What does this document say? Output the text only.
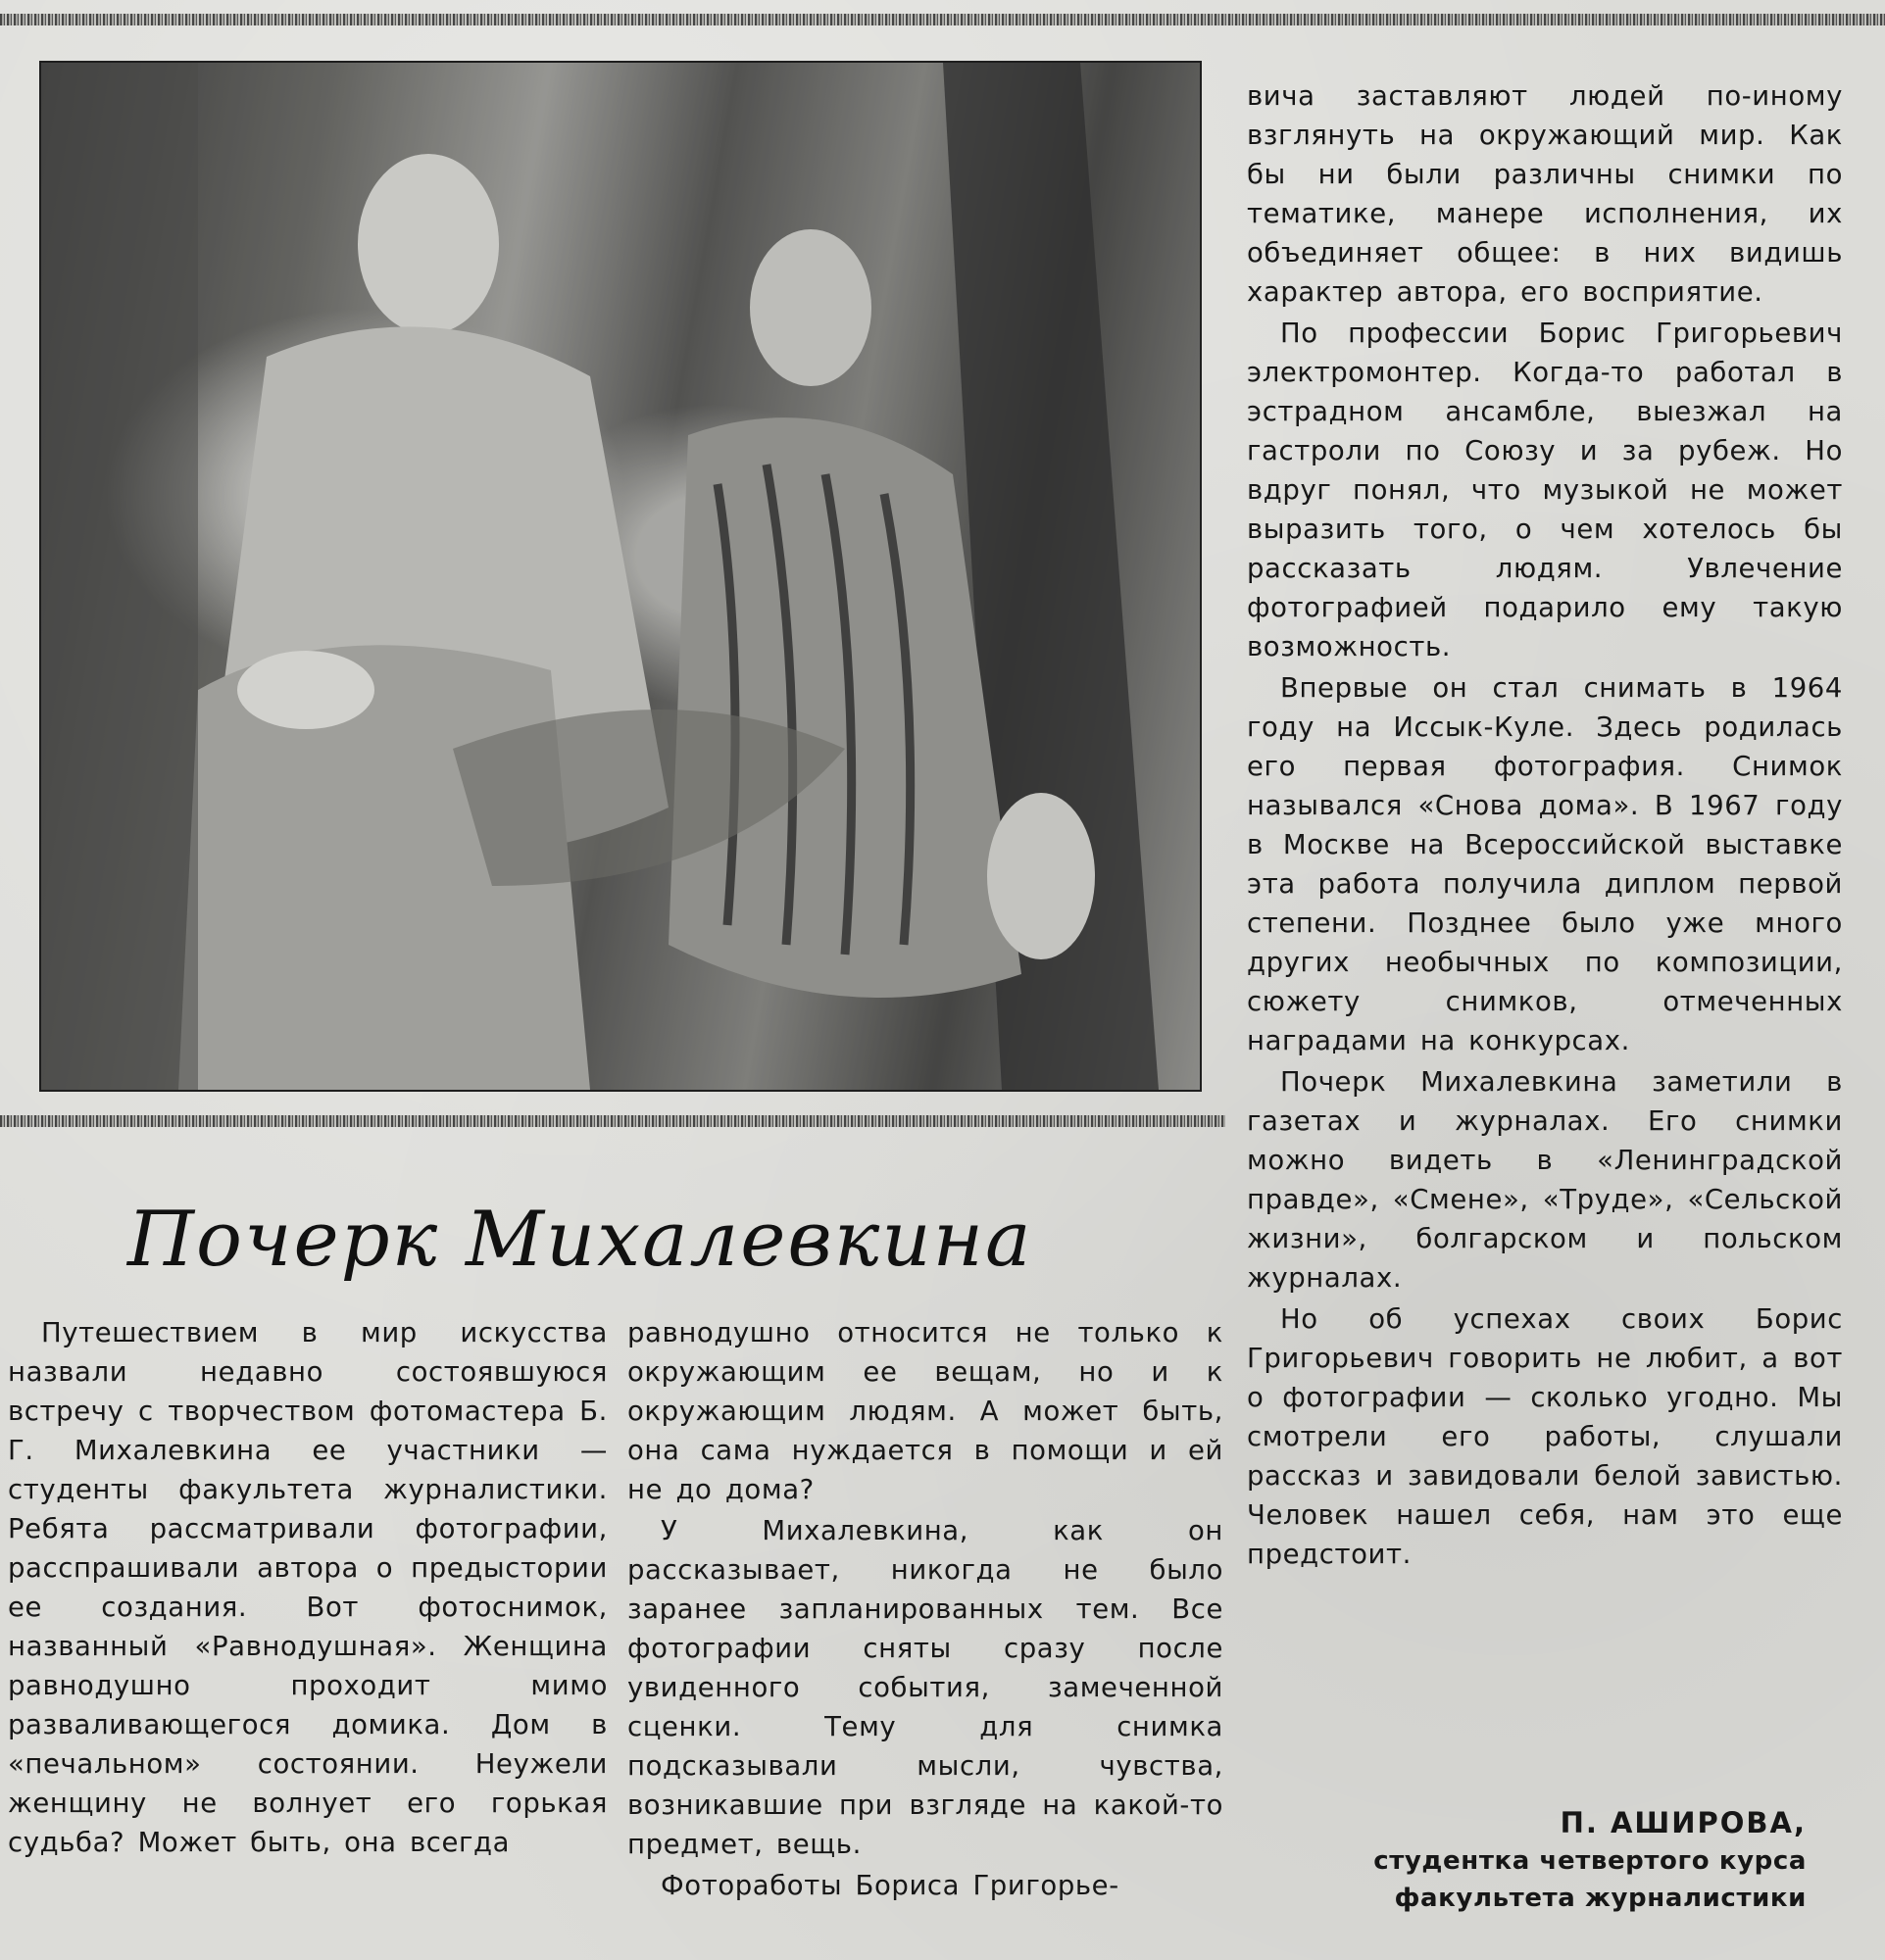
вича заставляют людей по-иному взглянуть на окружающий мир. Как бы ни были различны снимки по тематике, манере исполнения, их объединяет общее: в них видишь характер автора, его восприятие.

По профессии Борис Григорьевич электромонтер. Когда-то работал в эстрадном ансамбле, выезжал на гастроли по Союзу и за рубеж. Но вдруг понял, что музыкой не может выразить того, о чем хотелось бы рассказать людям. Увлечение фотографией подарило ему такую возможность.

Впервые он стал снимать в 1964 году на Иссык-Куле. Здесь родилась его первая фотография. Снимок назывался «Снова дома». В 1967 году в Москве на Всероссийской выставке эта работа получила диплом первой степени. Позднее было уже много других необычных по композиции, сюжету снимков, отмеченных наградами на конкурсах.

Почерк Михалевкина заметили в газетах и журналах. Его снимки можно видеть в «Ленинградской правде», «Смене», «Труде», «Сельской жизни», болгарском и польском журналах.

Но об успехах своих Борис Григорьевич говорить не любит, а вот о фотографии — сколько угодно. Мы смотрели его работы, слушали рассказ и завидовали белой завистью. Человек нашел себя, нам это еще предстоит.

Почерк Михалевкина

Путешествием в мир искусства назвали недавно состоявшуюся встречу с творчеством фотомастера Б. Г. Михалевкина ее участники — студенты факультета журналистики. Ребята рассматривали фотографии, расспрашивали автора о предыстории ее создания. Вот фотоснимок, названный «Равнодушная». Женщина равнодушно проходит мимо разваливающегося домика. Дом в «печальном» состоянии. Неужели женщину не волнует его горькая судьба? Может быть, она всегда

равнодушно относится не только к окружающим ее вещам, но и к окружающим людям. А может быть, она сама нуждается в помощи и ей не до дома?

У Михалевкина, как он рассказывает, никогда не было заранее запланированных тем. Все фотографии сняты сразу после увиденного события, замеченной сценки. Тему для снимка подсказывали мысли, чувства, возникавшие при взгляде на какой-то предмет, вещь.

Фотоработы Бориса Григорье-

П. АШИРОВА,
студентка четвертого курса
факультета журналистики
